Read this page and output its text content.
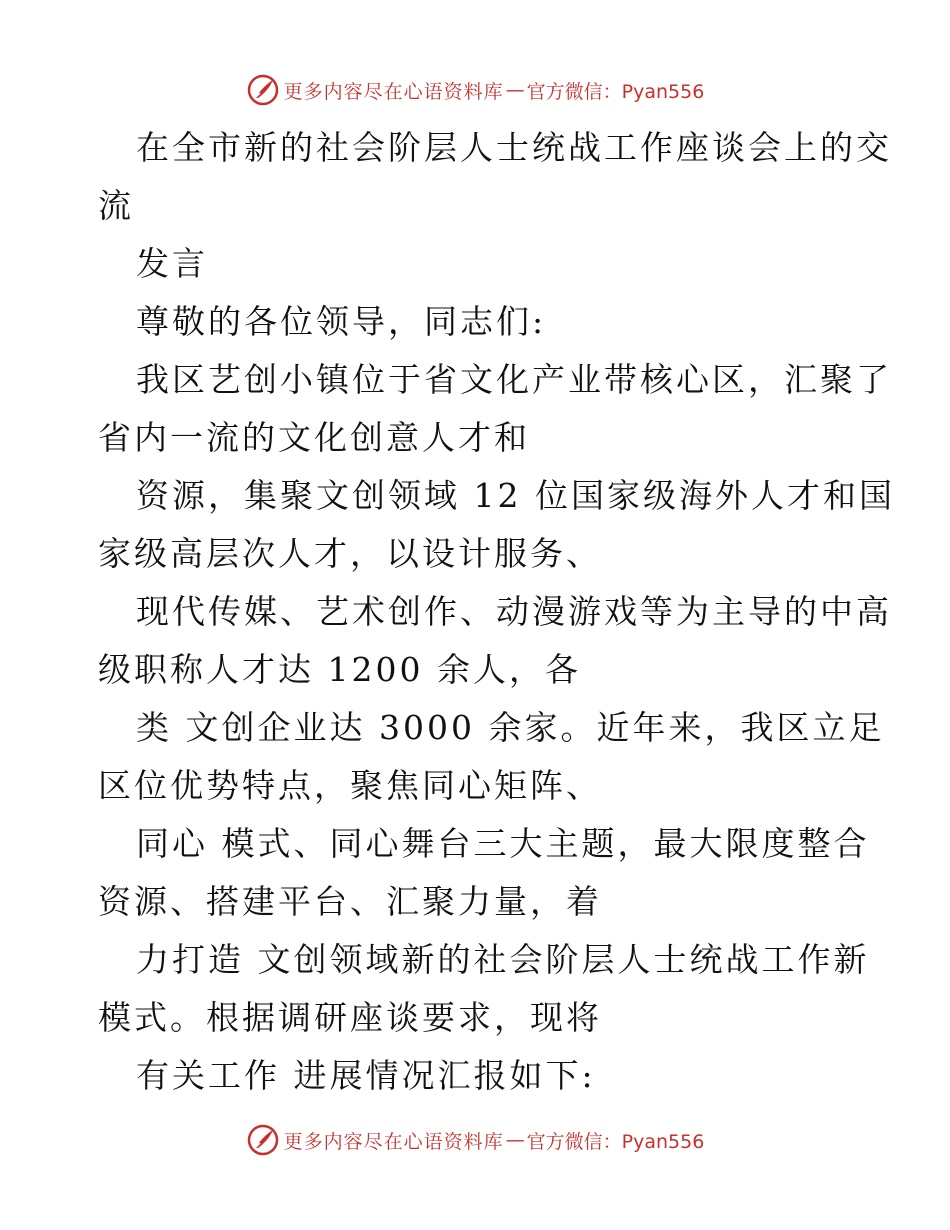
更多内容尽在心语资料库 — 官方微信：Pyan556
在全市新的社会阶层人士统战工作座谈会上的交
流
发言
尊敬的各位领导，同志们:
我区艺创小镇位于省文化产业带核心区，汇聚了
省内一流的文化创意人才和
资源，集聚文创领域 12 位国家级海外人才和国
家级高层次人才，以设计服务、
现代传媒、艺术创作、动漫游戏等为主导的中高
级职称人才达 1200 余人，各
类 文创企业达 3000 余家。近年来，我区立足
区位优势特点，聚焦同心矩阵、
同心 模式、同心舞台三大主题，最大限度整合
资源、搭建平台、汇聚力量，着
力打造 文创领域新的社会阶层人士统战工作新
模式。根据调研座谈要求，现将
有关工作 进展情况汇报如下:
更多内容尽在心语资料库 — 官方微信：Pyan556
